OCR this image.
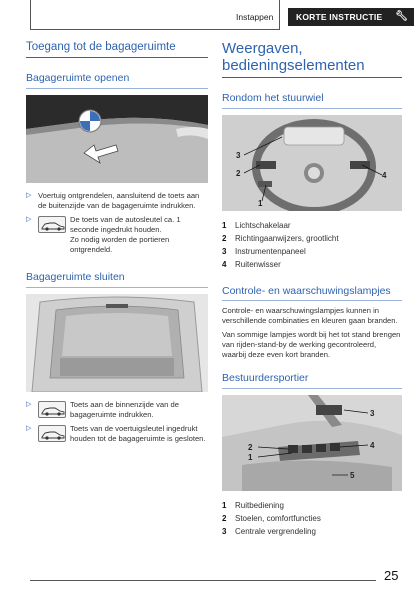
Instappen	KORTE INSTRUCTIE 🔧︎
Toegang tot de bagageruimte
Bagageruimte openen
▷ Voertuig ontgrendelen, aansluitend de toets aan de buitenzijde van de bagageruimte indrukken.
▷	De toets van de autosleutel ca. 1 seconde ingedrukt houden.
Zo nodig worden de portieren ontgrendeld.
Bagageruimte sluiten
▷	Toets aan de binnenzijde van de bagageruimte indrukken.
▷	Toets van de voertuigsleutel ingedrukt houden tot de bagageruimte is gesloten.
Weergaven, bedieningselementen
Rondom het stuurwiel
3
2	4
1
1 Lichtschakelaar
2 Richtingaanwijzers, grootlicht
3 Instrumentenpaneel
4 Ruitenwisser
Controle- en waarschuwingslampjes
Controle- en waarschuwingslampjes kunnen in verschillende combinaties en kleuren gaan branden.
Van sommige lampjes wordt bij het tot stand brengen van rijden-stand-by de werking gecontroleerd, waarbij deze even kort branden.
Bestuurdersportier
3
2	4
1
5
1 Ruitbediening
2 Stoelen, comfortfuncties
3 Centrale vergrendeling
25
